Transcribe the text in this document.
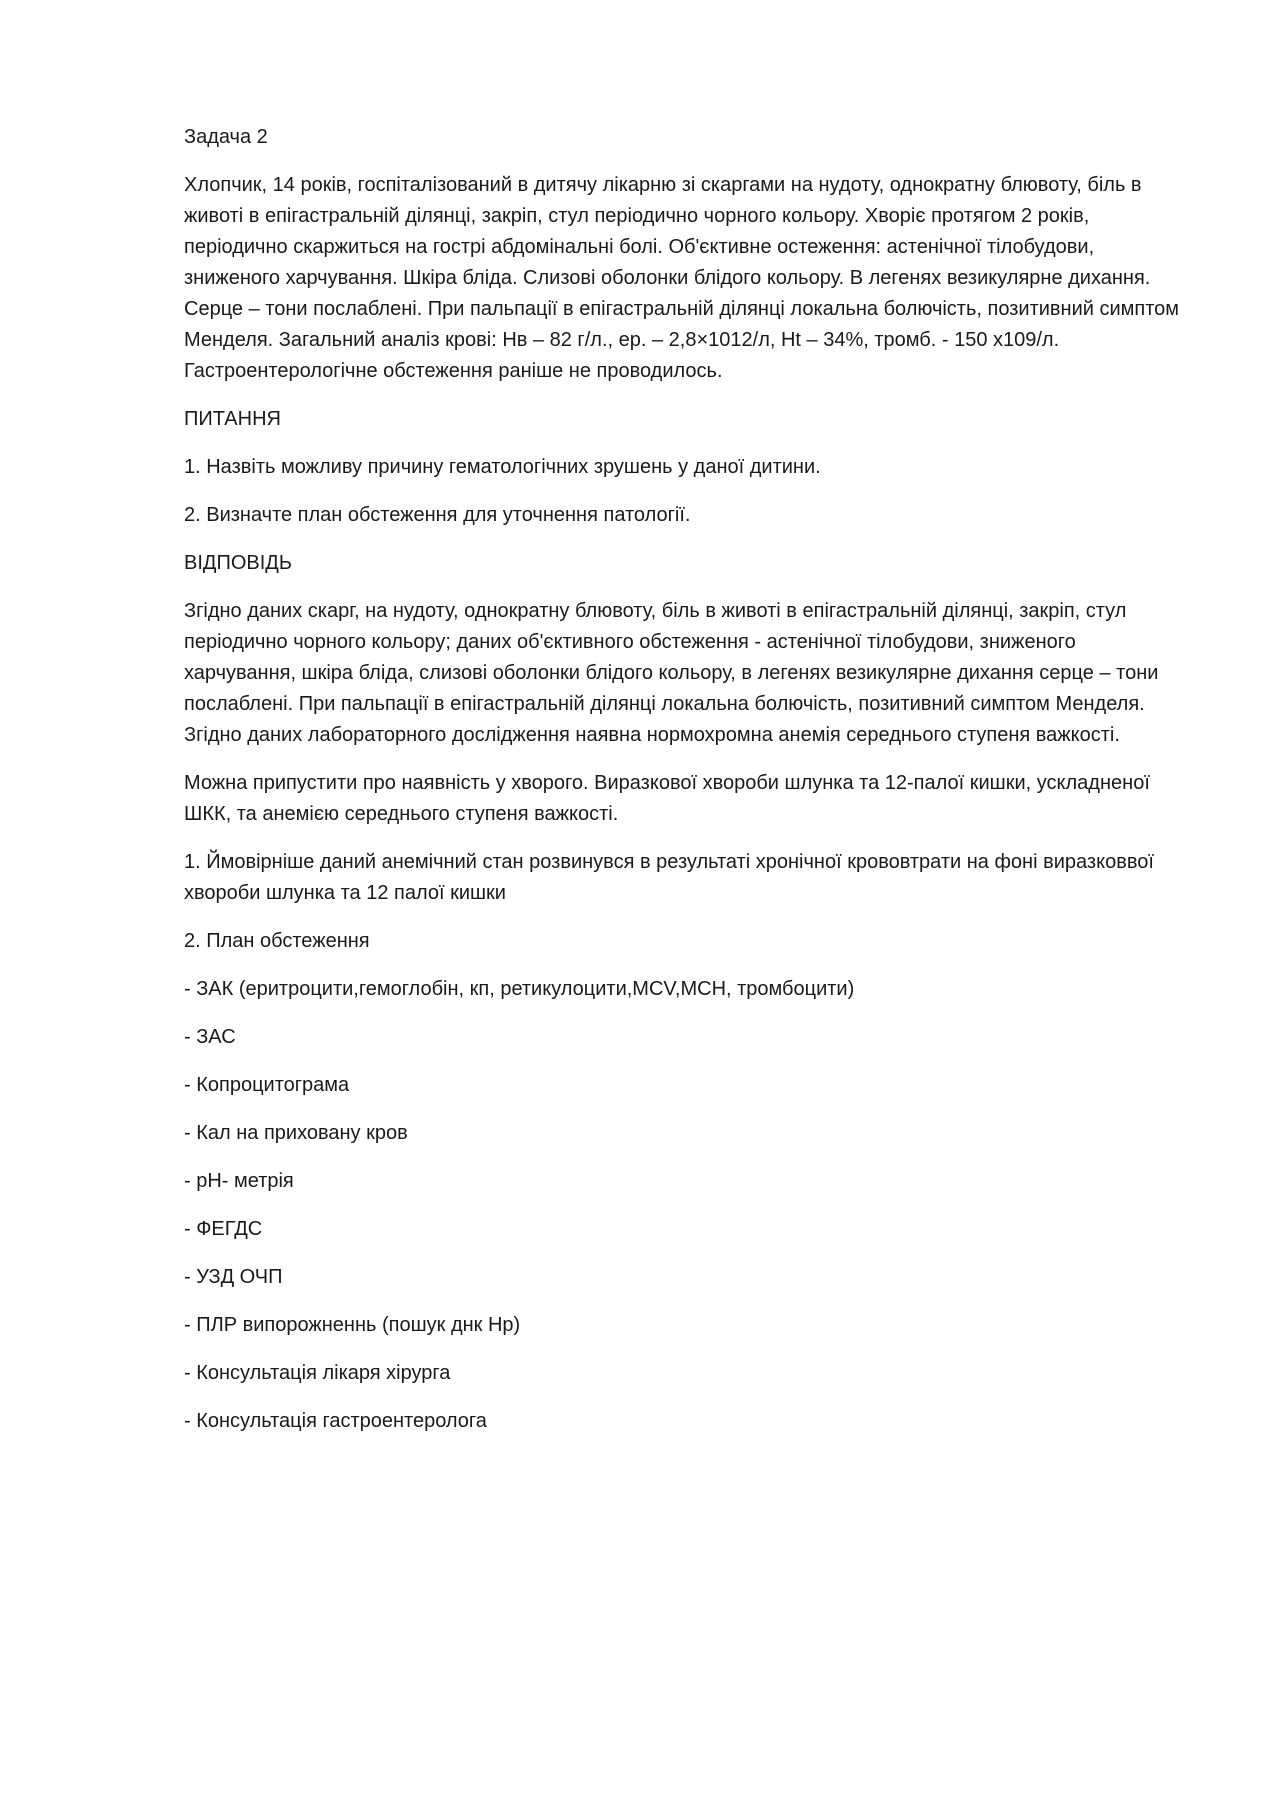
Задача 2

Хлопчик, 14 років, госпіталізований в дитячу лікарню зі скаргами на нудоту, однократну блювоту, біль в животі в епігастральній ділянці, закріп, стул періодично чорного кольору. Хворіє протягом 2 років, періодично скаржиться на гострі абдомінальні болі. Об'єктивне остеження: астенічної тілобудови, зниженого харчування. Шкіра бліда. Слизові оболонки блідого кольору. В легенях везикулярне дихання. Серце – тони послаблені. При пальпації в епігастральній ділянці локальна болючість, позитивний симптом Менделя. Загальний аналіз крові: Нв – 82 г/л., ер. – 2,8×1012/л, Ht – 34%, тромб. - 150 х109/л. Гастроентерологічне обстеження раніше не проводилось.

ПИТАННЯ

1. Назвіть можливу причину гематологічних зрушень у даної дитини.

2. Визначте план обстеження для уточнення патології.

ВІДПОВІДЬ

Згідно даних скарг, на нудоту, однократну блювоту, біль в животі в епігастральній ділянці, закріп, стул періодично чорного кольору; даних об'єктивного обстеження - астенічної тілобудови, зниженого харчування, шкіра бліда, слизові оболонки блідого кольору, в легенях везикулярне дихання серце – тони послаблені. При пальпації в епігастральній ділянці локальна болючість, позитивний симптом Менделя. Згідно даних лабораторного дослідження наявна нормохромна анемія середнього ступеня важкості.

Можна припустити про наявність у хворого. Виразкової хвороби шлунка та 12-палої кишки, ускладненої ШКК, та анемією середнього ступеня важкості.

1. Ймовірніше даний анемічний стан розвинувся в результаті хронічної крововтрати на фоні виразковвої хвороби шлунка та 12 палої кишки

2. План обстеження

- ЗАК (еритроцити,гемоглобін, кп, ретикулоцити,MCV,MCH, тромбоцити)

- ЗАС

- Копроцитограма

- Кал на приховану кров

- рН- метрія

- ФЕГДС

- УЗД ОЧП

- ПЛР випорожненнь (пошук днк Hp)

- Консультація лікаря хірурга

- Консультація гастроентеролога
